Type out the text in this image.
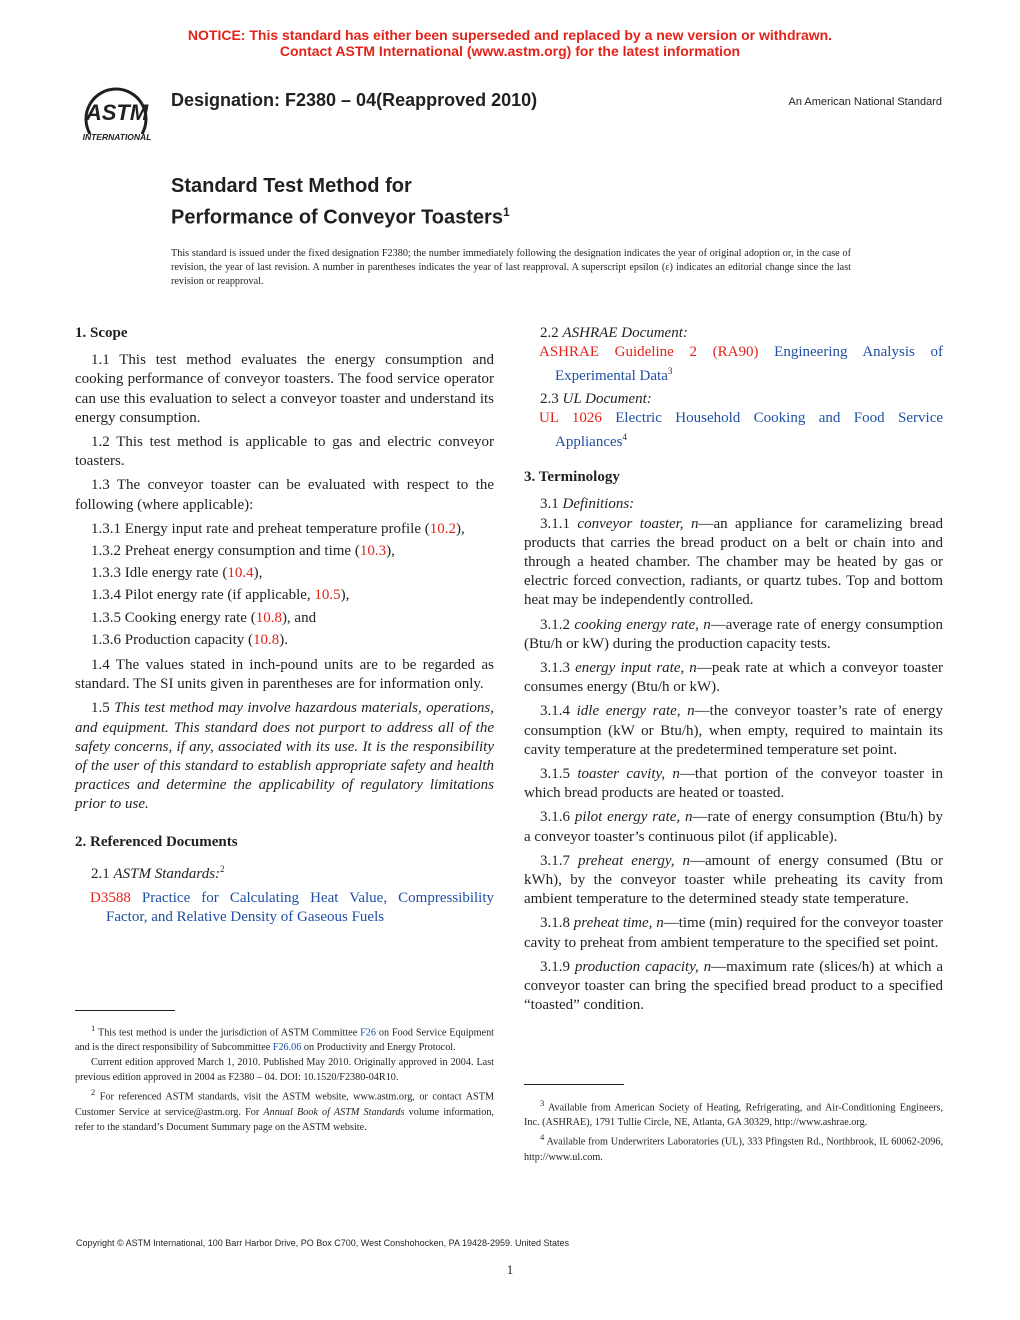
NOTICE: This standard has either been superseded and replaced by a new version or withdrawn.
Contact ASTM International (www.astm.org) for the latest information
ASTM
INTERNATIONAL
Designation: F2380 – 04(Reapproved 2010)	An American National Standard
Standard Test Method for
Performance of Conveyor Toasters$^1$
This standard is issued under the fixed designation F2380; the number immediately following the designation indicates the year of original adoption or, in the case of revision, the year of last revision. A number in parentheses indicates the year of last reapproval. A superscript epsilon (ε) indicates an editorial change since the last revision or reapproval.

1. Scope

1.1 This test method evaluates the energy consumption and cooking performance of conveyor toasters. The food service operator can use this evaluation to select a conveyor toaster and understand its energy consumption.

1.2 This test method is applicable to gas and electric conveyor toasters.

1.3 The conveyor toaster can be evaluated with respect to the following (where applicable):

1.3.1 Energy input rate and preheat temperature profile (10.2),

1.3.2 Preheat energy consumption and time (10.3),

1.3.3 Idle energy rate (10.4),

1.3.4 Pilot energy rate (if applicable, 10.5),

1.3.5 Cooking energy rate (10.8), and

1.3.6 Production capacity (10.8).

1.4 The values stated in inch-pound units are to be regarded as standard. The SI units given in parentheses are for information only.

1.5 This test method may involve hazardous materials, operations, and equipment. This standard does not purport to address all of the safety concerns, if any, associated with its use. It is the responsibility of the user of this standard to establish appropriate safety and health practices and determine the applicability of regulatory limitations prior to use.

2. Referenced Documents

2.1 ASTM Standards:$^2$

D3588 Practice for Calculating Heat Value, Compressibility Factor, and Relative Density of Gaseous Fuels

$^1$ This test method is under the jurisdiction of ASTM Committee F26 on Food Service Equipment and is the direct responsibility of Subcommittee F26.06 on Productivity and Energy Protocol.

Current edition approved March 1, 2010. Published May 2010. Originally approved in 2004. Last previous edition approved in 2004 as F2380 – 04. DOI: 10.1520/F2380-04R10.

$^2$ For referenced ASTM standards, visit the ASTM website, www.astm.org, or contact ASTM Customer Service at service@astm.org. For Annual Book of ASTM Standards volume information, refer to the standard’s Document Summary page on the ASTM website.

2.2 ASHRAE Document:

ASHRAE Guideline 2 (RA90) Engineering Analysis of Experimental Data$^3$

2.3 UL Document:

UL 1026 Electric Household Cooking and Food Service Appliances$^4$

3. Terminology

3.1 Definitions:

3.1.1 conveyor toaster, n—an appliance for caramelizing bread products that carries the bread product on a belt or chain into and through a heated chamber. The chamber may be heated by gas or electric forced convection, radiants, or quartz tubes. Top and bottom heat may be independently controlled.

3.1.2 cooking energy rate, n—average rate of energy consumption (Btu/h or kW) during the production capacity tests.

3.1.3 energy input rate, n—peak rate at which a conveyor toaster consumes energy (Btu/h or kW).

3.1.4 idle energy rate, n—the conveyor toaster’s rate of energy consumption (kW or Btu/h), when empty, required to maintain its cavity temperature at the predetermined temperature set point.

3.1.5 toaster cavity, n—that portion of the conveyor toaster in which bread products are heated or toasted.

3.1.6 pilot energy rate, n—rate of energy consumption (Btu/h) by a conveyor toaster’s continuous pilot (if applicable).

3.1.7 preheat energy, n—amount of energy consumed (Btu or kWh), by the conveyor toaster while preheating its cavity from ambient temperature to the determined steady state temperature.

3.1.8 preheat time, n—time (min) required for the conveyor toaster cavity to preheat from ambient temperature to the specified set point.

3.1.9 production capacity, n—maximum rate (slices/h) at which a conveyor toaster can bring the specified bread product to a specified “toasted” condition.

$^3$ Available from American Society of Heating, Refrigerating, and Air-Conditioning Engineers, Inc. (ASHRAE), 1791 Tullie Circle, NE, Atlanta, GA 30329, http://www.ashrae.org.

$^4$ Available from Underwriters Laboratories (UL), 333 Pfingsten Rd., Northbrook, IL 60062-2096, http://www.ul.com.

Copyright © ASTM International, 100 Barr Harbor Drive, PO Box C700, West Conshohocken, PA 19428-2959. United States
1
